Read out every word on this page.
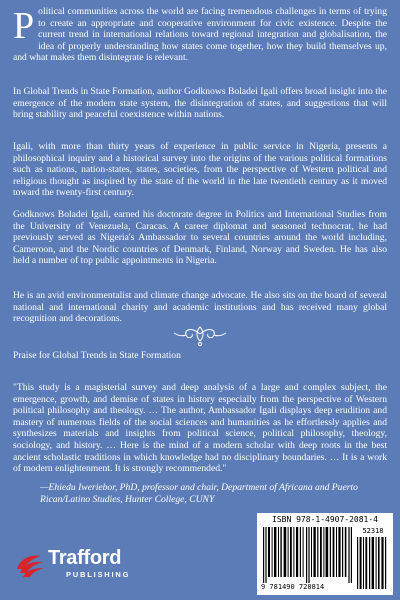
Political communities across the world are facing tremendous challenges in terms of trying to create an appropriate and cooperative environment for civic existence. Despite the current trend in international relations toward regional integration and globalisation, the idea of properly understanding how states come together, how they build themselves up, and what makes them disintegrate is relevant.

In Global Trends in State Formation, author Godknows Boladei Igali offers broad insight into the emergence of the modern state system, the disintegration of states, and suggestions that will bring stability and peaceful coexistence within nations.

Igali, with more than thirty years of experience in public service in Nigeria, presents a philosophical inquiry and a historical survey into the origins of the various political formations such as nations, nation-states, states, societies, from the perspective of Western political and religious thought as inspired by the state of the world in the late twentieth century as it moved toward the twenty-first century.

Godknows Boladei Igali, earned his doctorate degree in Politics and International Studies from the University of Venezuela, Caracas. A career diplomat and seasoned technocrat, he had previously served as Nigeria's Ambassador to several countries around the world including, Cameroon, and the Nordic countries of Denmark, Finland, Norway and Sweden. He has also held a number of top public appointments in Nigeria.

He is an avid environmentalist and climate change advocate. He also sits on the board of several national and international charity and academic institutions and has received many global recognition and decorations.

Praise for Global Trends in State Formation

"This study is a magisterial survey and deep analysis of a large and complex subject, the emergence, growth, and demise of states in history especially from the perspective of Western political philosophy and theology. … The author, Ambassador Igali displays deep erudition and mastery of numerous fields of the social sciences and humanities as he effortlessly applies and synthesizes materials and insights from political science, political philosophy, theology, sociology, and history. … Here is the mind of a modern scholar with deep roots in the best ancient scholastic traditions in which knowledge had no disciplinary boundaries. … It is a work of modern enlightenment. It is strongly recommended."

—Ehiedu Iweriebor, PhD, professor and chair, Department of Africana and Puerto Rican/Latino Studies, Hunter College, CUNY

ISBN 978-1-4907-2081-4
52318
9 781490 720814
Trafford
PUBLISHING
